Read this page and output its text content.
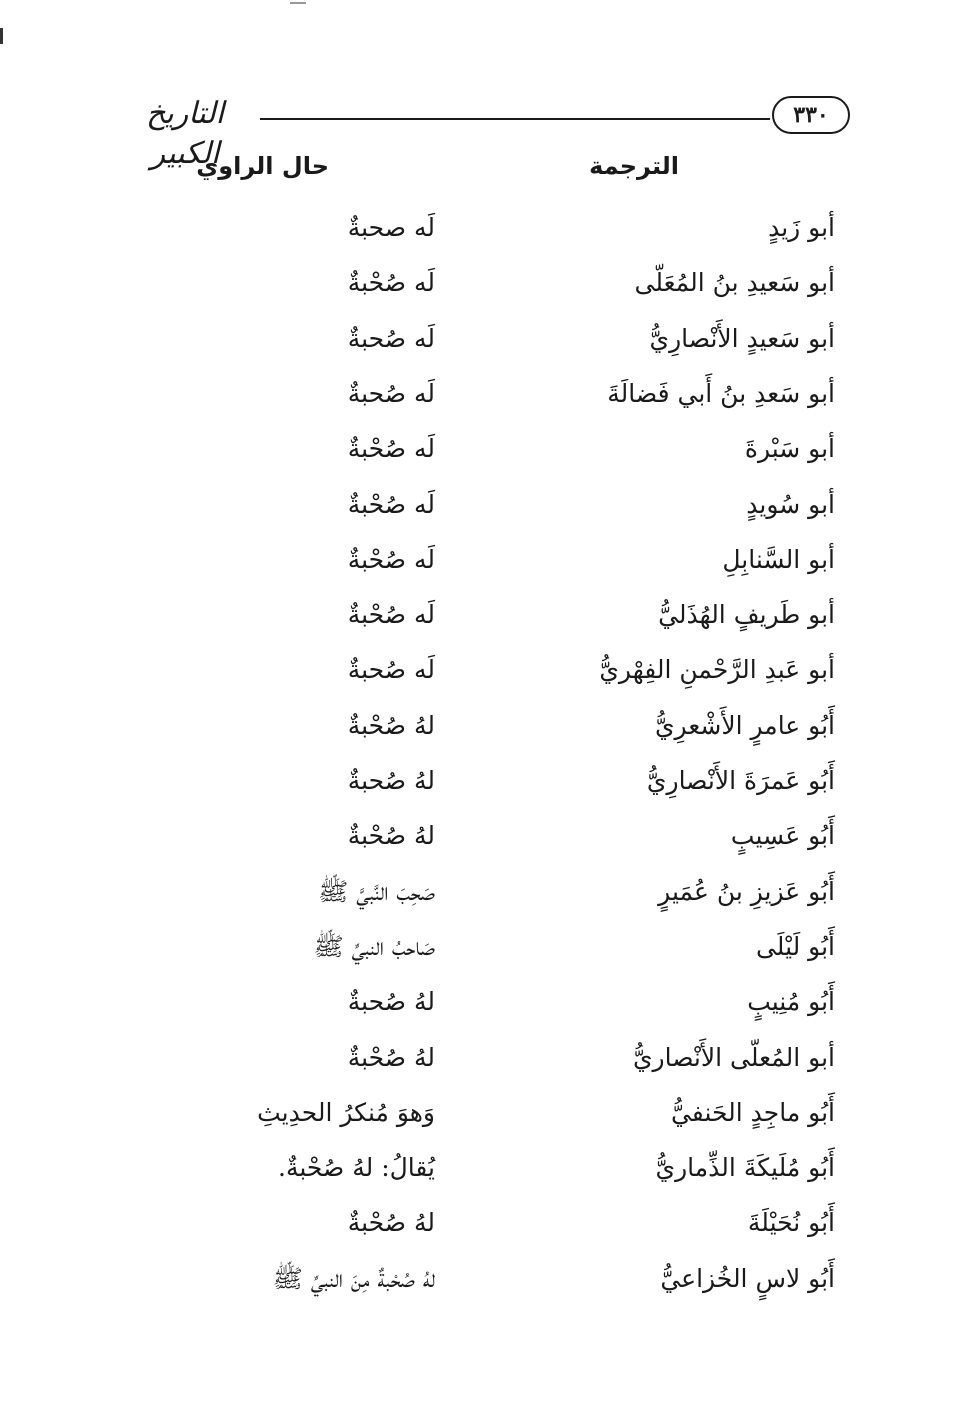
التاريخ الكبير
٣٣٠
الترجمة
حال الراوي
أبو زَيدٍ
لَه صحبةٌ
أبو سَعيدِ بنُ المُعَلّى
لَه صُحْبةٌ
أبو سَعيدٍ الأَنْصارِيُّ
لَه صُحبةٌ
أبو سَعدِ بنُ أَبي فَضالَةَ
لَه صُحبةٌ
أبو سَبْرةَ
لَه صُحْبةٌ
أبو سُويدٍ
لَه صُحْبةٌ
أبو السَّنابِلِ
لَه صُحْبةٌ
أبو طَريفٍ الهُذَليُّ
لَه صُحْبةٌ
أبو عَبدِ الرَّحْمنِ الفِهْريُّ
لَه صُحبةٌ
أَبُو عامرٍ الأَشْعرِيُّ
لهُ صُحْبةٌ
أَبُو عَمرَةَ الأَنْصارِيُّ
لهُ صُحبةٌ
أَبُو عَسِيبٍ
لهُ صُحْبةٌ
أَبُو عَزيزِ بنُ عُمَيرٍ
صَحِبَ النَّبيَّ ﷺ
أَبُو لَيْلَى
صَاحبُ النبيِّ ﷺ
أَبُو مُنِيبٍ
لهُ صُحبةٌ
أبو المُعلّى الأَنْصاريُّ
لهُ صُحْبةٌ
أَبُو ماجِدٍ الحَنفيُّ
وَهوَ مُنكرُ الحدِيثِ
أَبُو مُلَيكَةَ الذِّماريُّ
يُقالُ: لهُ صُحْبةٌ.
أَبُو نُحَيْلَةَ
لهُ صُحْبةٌ
أَبُو لاسٍ الخُزاعيُّ
لهُ صُحْبةٌ مِنَ النبيِّ ﷺ
